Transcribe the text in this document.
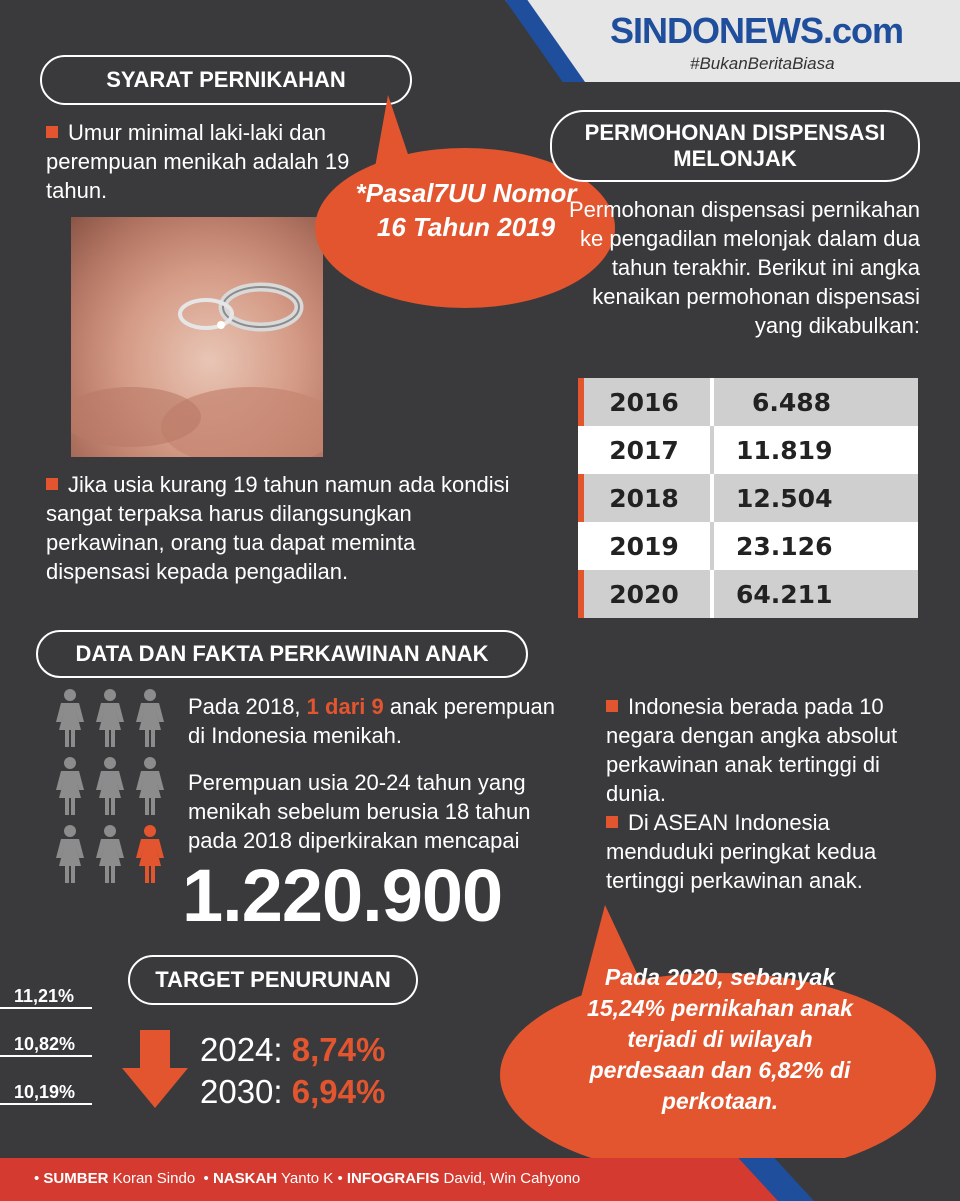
SINDONEWS.com
#BukanBeritaBiasa
SYARAT PERNIKAHAN
Umur minimal laki-laki dan perempuan menikah adalah 19 tahun.
Jika usia kurang 19 tahun namun ada kondisi sangat terpaksa harus dilangsungkan perkawinan, orang tua dapat meminta dispensasi kepada pengadilan.
*Pasal7UU Nomor 16 Tahun 2019
PERMOHONAN DISPENSASI MELONJAK
Permohonan dispensasi pernikahan ke pengadilan melonjak dalam dua tahun terakhir. Berikut ini angka kenaikan permohonan dispensasi yang dikabulkan:
2016	6.488
2017	11.819
2018	12.504
2019	23.126
2020	64.211
DATA DAN FAKTA PERKAWINAN ANAK
Pada 2018, 1 dari 9 anak perempuan di Indonesia menikah.
Perempuan usia 20-24 tahun yang menikah sebelum berusia 18 tahun pada 2018 diperkirakan mencapai
1.220.900
Indonesia berada pada 10 negara dengan angka absolut perkawinan anak tertinggi di dunia.
Di ASEAN Indonesia menduduki peringkat kedua tertinggi perkawinan anak.
Pada 2020, sebanyak 15,24% pernikahan anak terjadi di wilayah perdesaan dan 6,82% di perkotaan.
TARGET PENURUNAN
11,21%
10,82%
10,19%
2024: 8,74%
2030: 6,94%
• SUMBER Koran Sindo  • NASKAH Yanto K • INFOGRAFIS David, Win Cahyono
